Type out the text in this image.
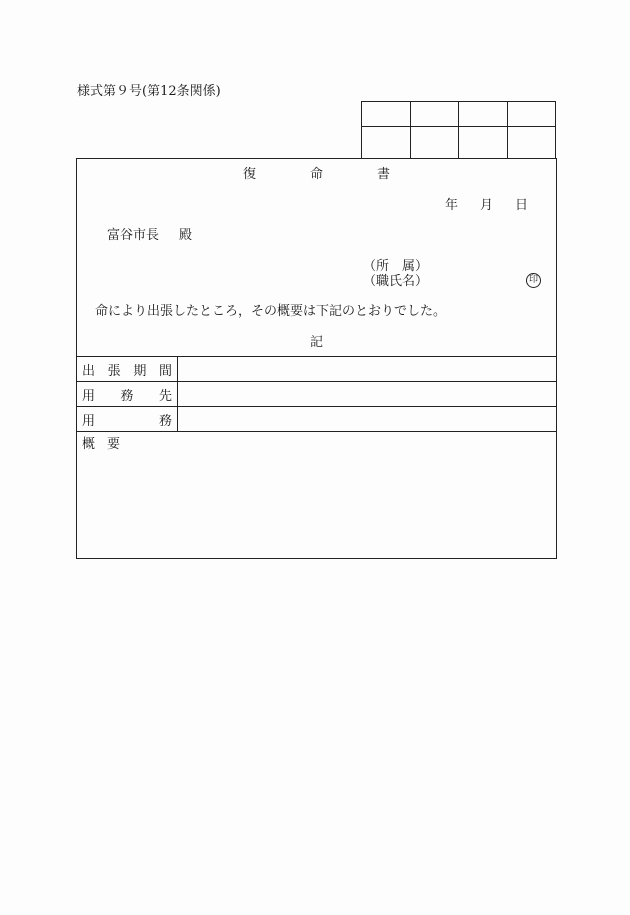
様式第９号(第12条関係)

復	命	書
年 月 日
富谷市長 殿
（所　属）
（職氏名）	印
命により出張したところ，その概要は下記のとおりでした。
記
出 張 期 間	

用 務 先	

用 務	

概 要
